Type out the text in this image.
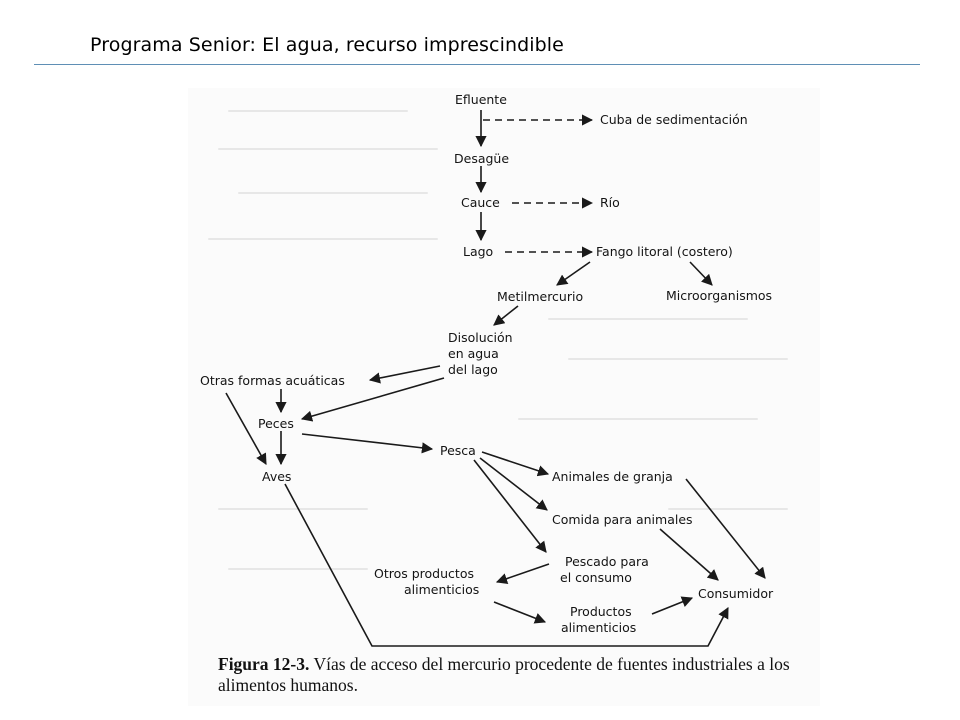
Programa Senior: El agua, recurso imprescindible
Efluente
Cuba de sedimentación
Desagüe
Cauce	Río
Lago	Fango litoral (costero)
Metilmercurio	Microorganismos
Disolución en agua del lago
Otras formas acuáticas
Peces
Aves
Pesca
Animales de granja
Comida para animales
Pescado para el consumo
Otros productos alimenticios
Productos alimenticios
Consumidor
Figura 12-3. Vías de acceso del mercurio procedente de fuentes industriales a los alimentos humanos.
